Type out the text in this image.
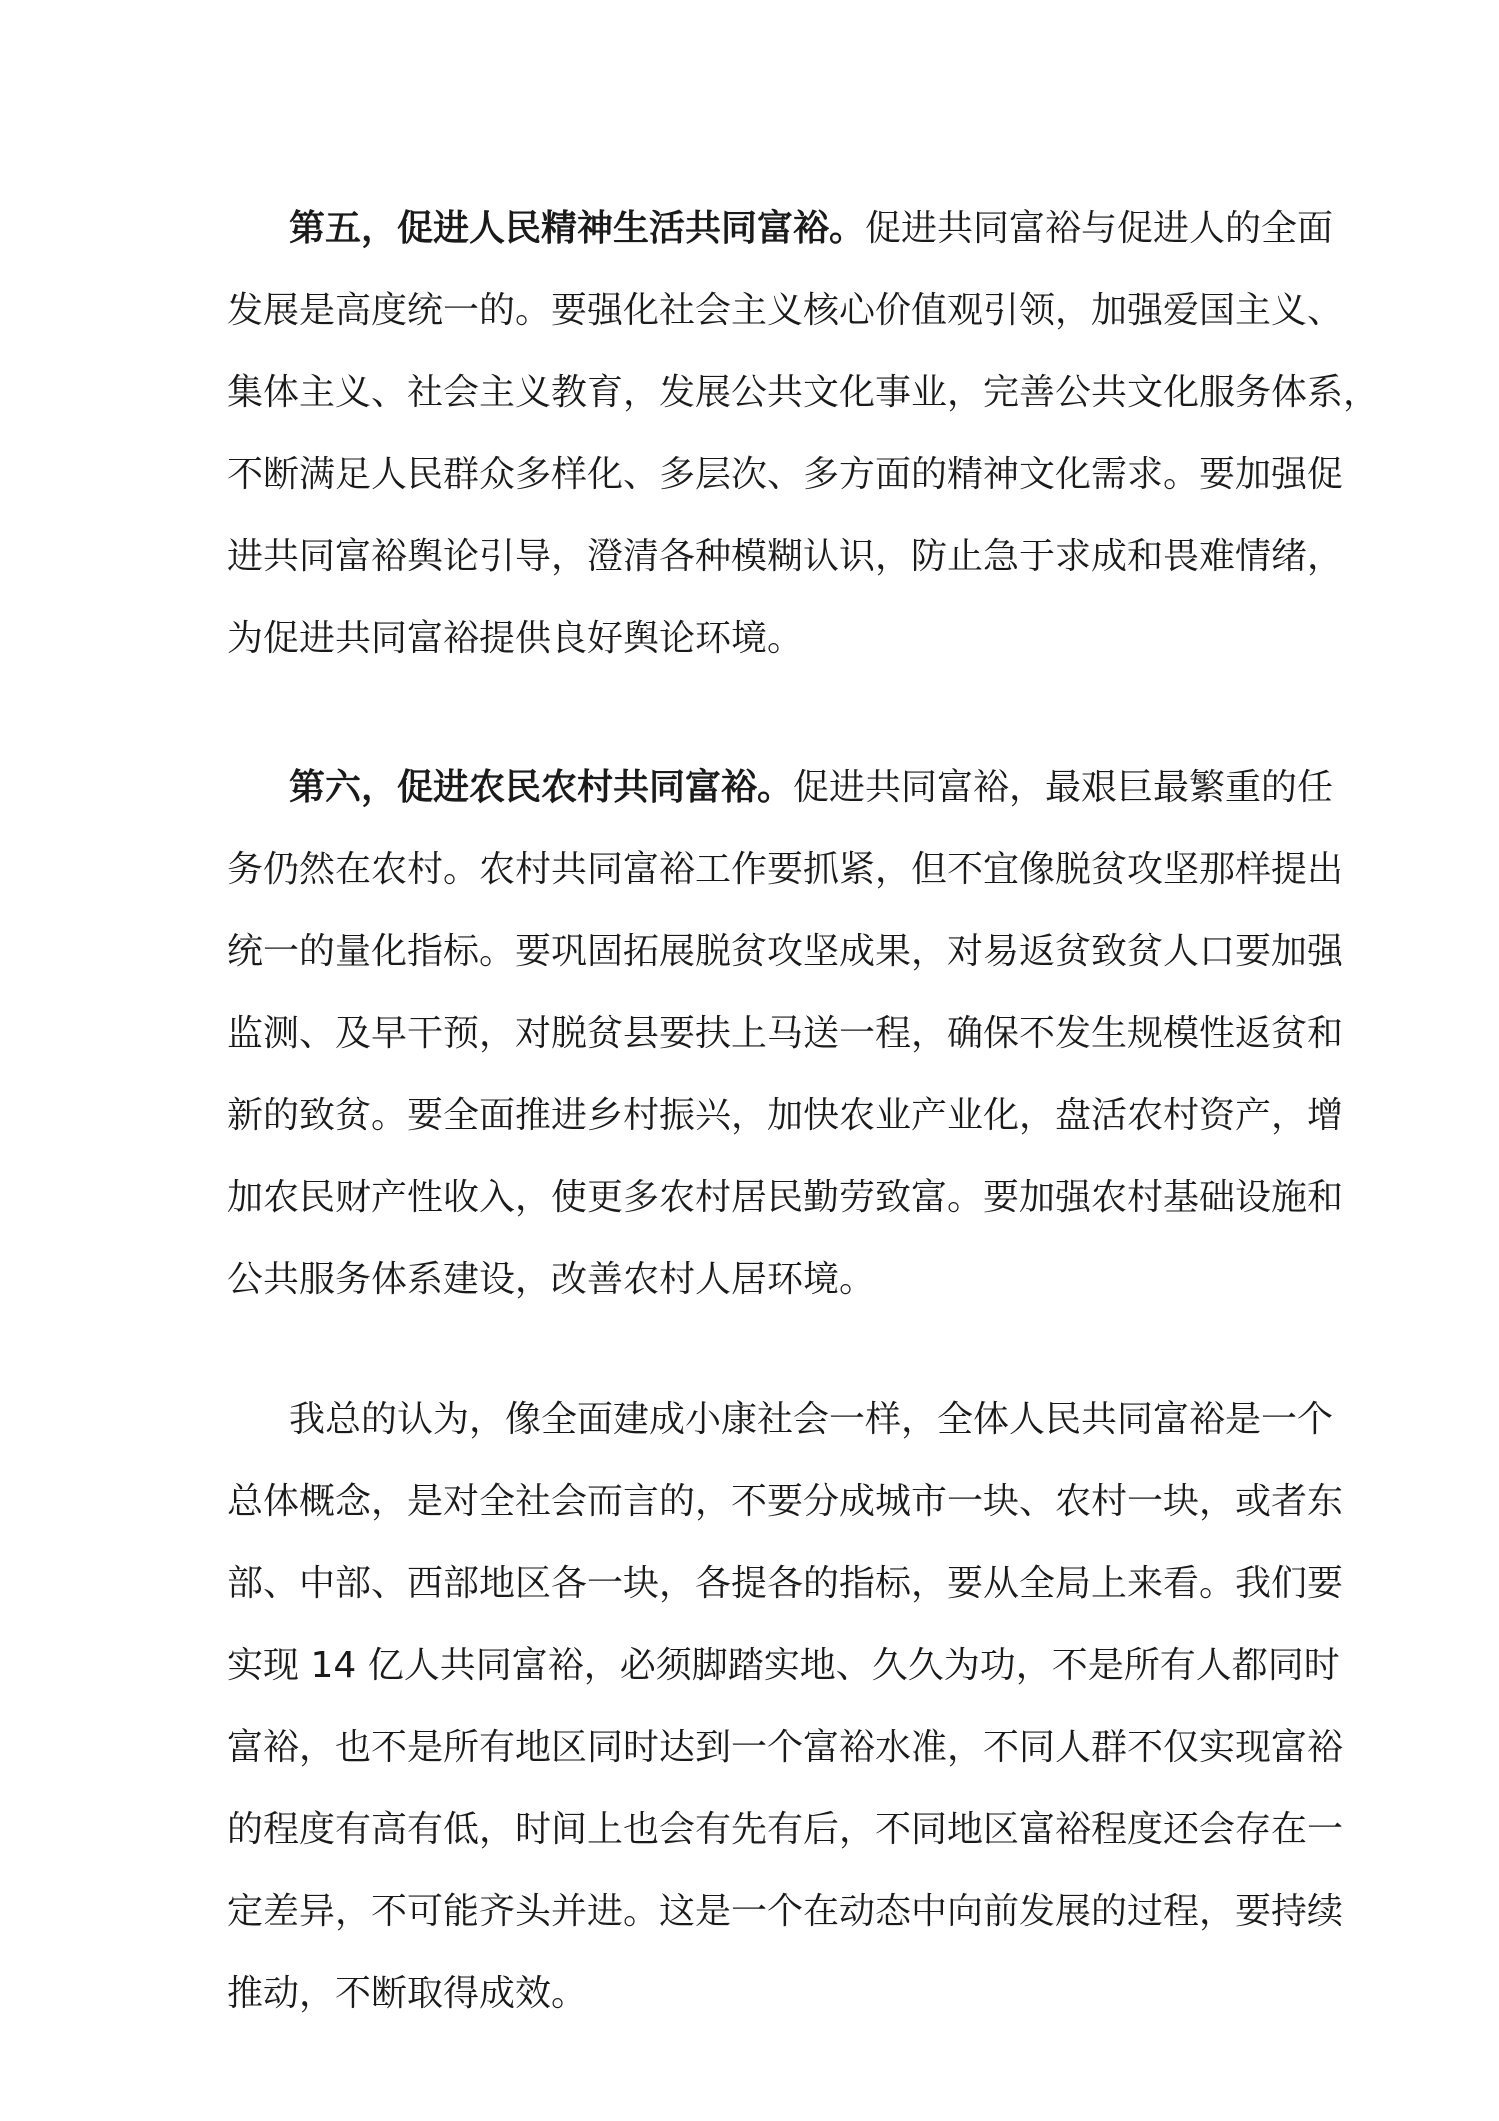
第五，促进人民精神生活共同富裕。促进共同富裕与促进人的全面
发展是高度统一的。要强化社会主义核心价值观引领，加强爱国主义、
集体主义、社会主义教育，发展公共文化事业，完善公共文化服务体系，
不断满足人民群众多样化、多层次、多方面的精神文化需求。要加强促
进共同富裕舆论引导，澄清各种模糊认识，防止急于求成和畏难情绪，
为促进共同富裕提供良好舆论环境。
第六，促进农民农村共同富裕。促进共同富裕，最艰巨最繁重的任
务仍然在农村。农村共同富裕工作要抓紧，但不宜像脱贫攻坚那样提出
统一的量化指标。要巩固拓展脱贫攻坚成果，对易返贫致贫人口要加强
监测、及早干预，对脱贫县要扶上马送一程，确保不发生规模性返贫和
新的致贫。要全面推进乡村振兴，加快农业产业化，盘活农村资产，增
加农民财产性收入，使更多农村居民勤劳致富。要加强农村基础设施和
公共服务体系建设，改善农村人居环境。
我总的认为，像全面建成小康社会一样，全体人民共同富裕是一个
总体概念，是对全社会而言的，不要分成城市一块、农村一块，或者东
部、中部、西部地区各一块，各提各的指标，要从全局上来看。我们要
实现 14 亿人共同富裕，必须脚踏实地、久久为功，不是所有人都同时
富裕，也不是所有地区同时达到一个富裕水准，不同人群不仅实现富裕
的程度有高有低，时间上也会有先有后，不同地区富裕程度还会存在一
定差异，不可能齐头并进。这是一个在动态中向前发展的过程，要持续
推动，不断取得成效。
